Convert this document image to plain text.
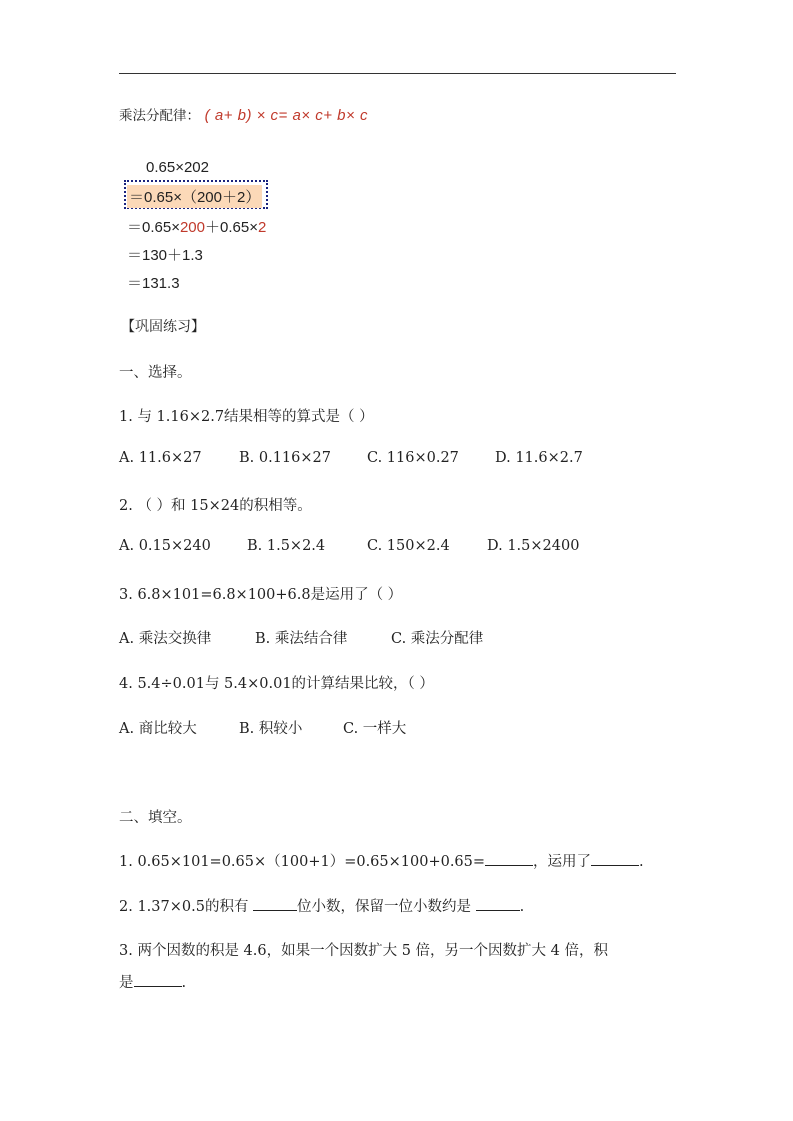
乘法分配律： ( a+ b) × c= a× c+ b× c
0.65×202
＝0.65×（200＋2）
＝0.65×200＋0.65×2
＝130＋1.3
＝131.3
【巩固练习】
一、选择。
1. 与 1.16×2.7结果相等的算式是（ ）
A. 11.6×27	B. 0.116×27 C. 116×0.27 D. 11.6×2.7
2. （ ）和 15×24的积相等。
A. 0.15×240 B. 1.5×2.4	C. 150×2.4	D. 1.5×2400
3. 6.8×101=6.8×100+6.8是运用了（ ）
A. 乘法交换律	B. 乘法结合律	C. 乘法分配律
4. 5.4÷0.01与 5.4×0.01的计算结果比较，（ ）
A. 商比较大	B. 积较小	C. 一样大
二、填空。
1. 0.65×101=0.65×（100+1）=0.65×100+0.65=	，运用了	.
2. 1.37×0.5的积有	位小数，保留一位小数约是	.
3. 两个因数的积是 4.6，如果一个因数扩大 5 倍，另一个因数扩大 4 倍，积
是	.
